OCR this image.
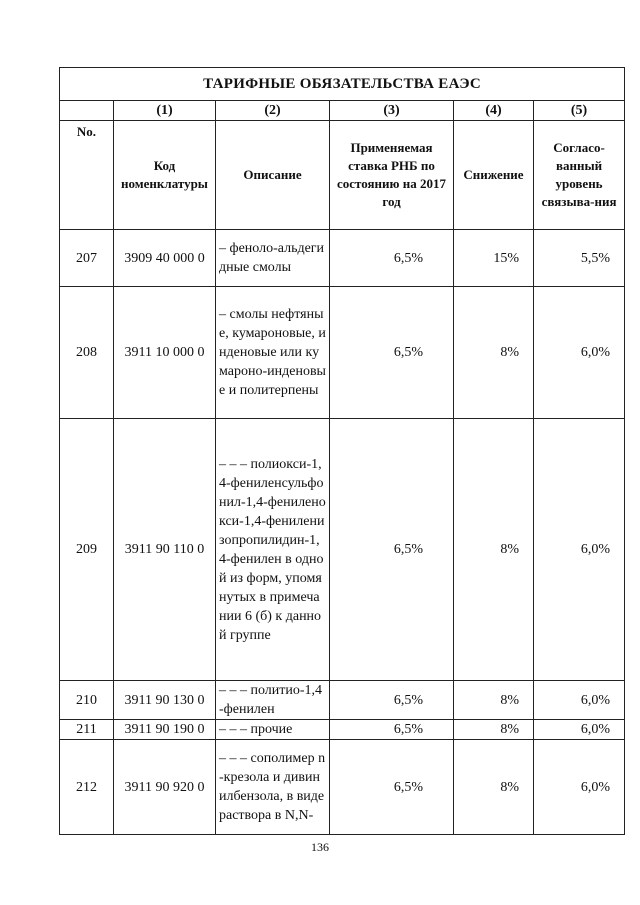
ТАРИФНЫЕ ОБЯЗАТЕЛЬСТВА ЕАЭС					
	(1)	(2)	(3)	(4)	(5)
No.	Код номенклатуры	Описание	Применяемая ставка РНБ по состоянию на 2017 год	Снижение	Согласо-ванный уровень связыва-ния
207	3909 40 000 0	– феноло-альдегидные смолы	6,5%	15%	5,5%
208	3911 10 000 0	– смолы нефтяные, кумароновые, инденовые или кумароно-инденовые и политерпены	6,5%	8%	6,0%
209	3911 90 110 0	– – – полиокси-1,4-фениленсульфонил-1,4-фениленокси-1,4-фениленизопропилидин-1,4-фенилен в одной из форм, упомянутых в примечании 6 (б) к данной группе	6,5%	8%	6,0%
210	3911 90 130 0	– – – политио-1,4-фенилен	6,5%	8%	6,0%
211	3911 90 190 0	– – – прочие	6,5%	8%	6,0%
212	3911 90 920 0	– – – сополимер n-крезола и дивинилбензола, в виде раствора в N,N-	6,5%	8%	6,0%
136
